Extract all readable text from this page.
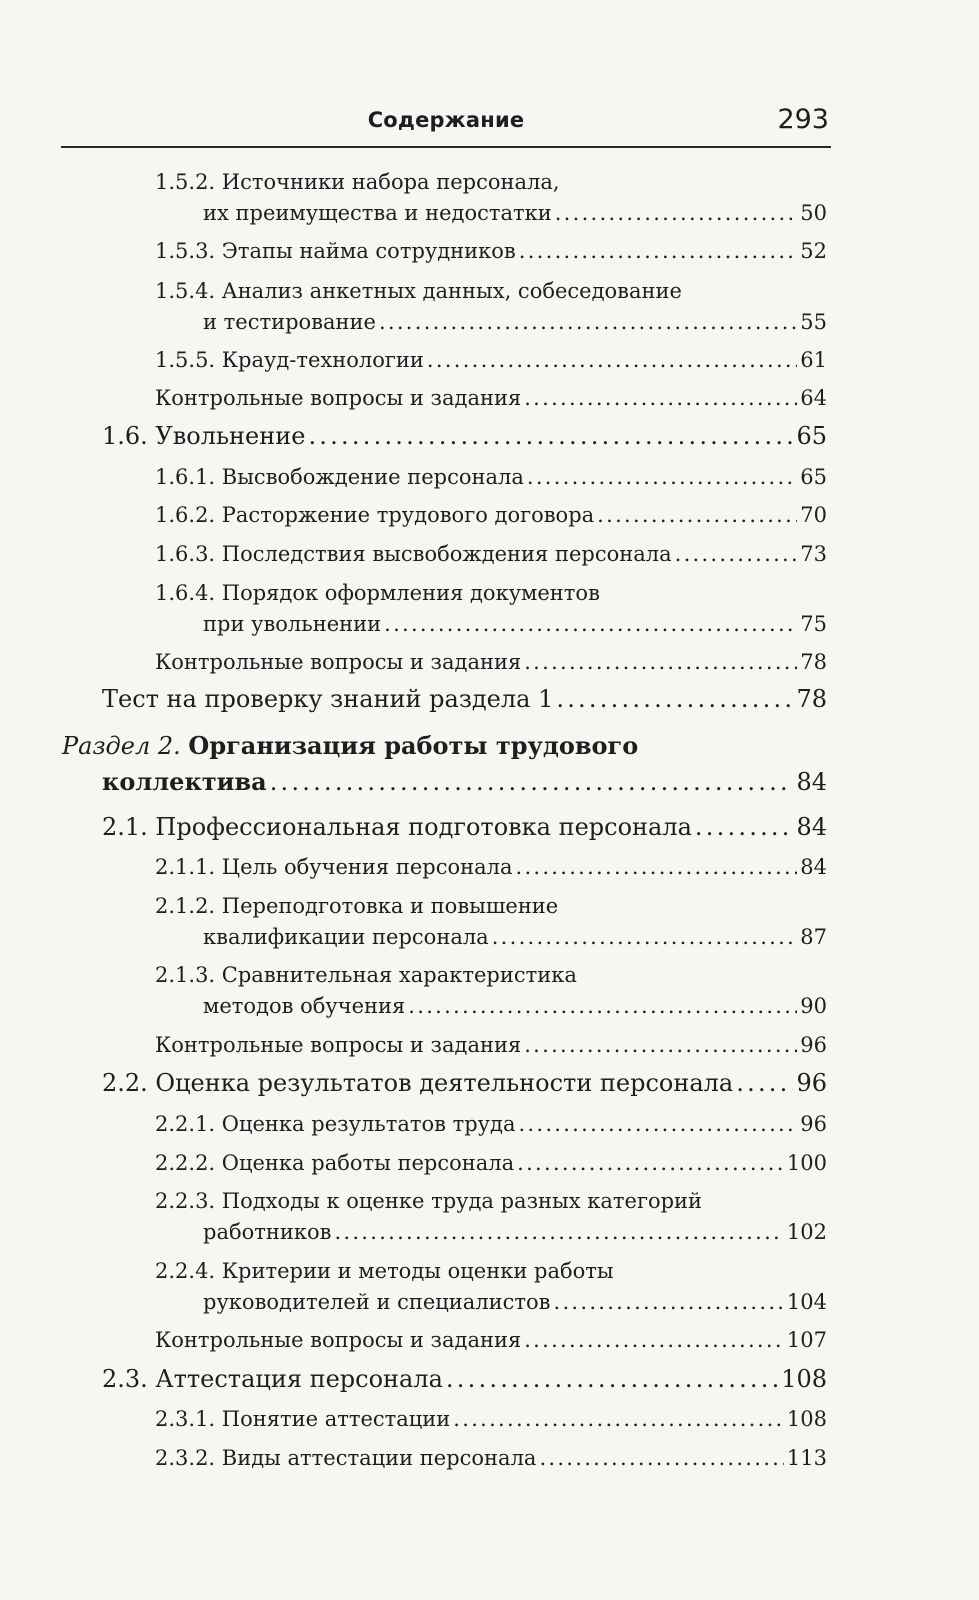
Содержание	293
1.5.2. Источники набора персонала,
их преимущества и недостатки . . .	50
1.5.3. Этапы найма сотрудников . . .	52
1.5.4. Анализ анкетных данных, собеседование
и тестирование . . .	55
1.5.5. Крауд-технологии . . .	61
Контрольные вопросы и задания . . .	64
1.6. Увольнение . . .	65
1.6.1. Высвобождение персонала . . .	65
1.6.2. Расторжение трудового договора . . .	70
1.6.3. Последствия высвобождения персонала . . .	73
1.6.4. Порядок оформления документов
при увольнении . . .	75
Контрольные вопросы и задания . . .	78
Тест на проверку знаний раздела 1 . . .	78
Раздел 2. Организация работы трудового
коллектива . . .	84
2.1. Профессиональная подготовка персонала . . .	84
2.1.1. Цель обучения персонала . . .	84
2.1.2. Переподготовка и повышение
квалификации персонала . . .	87
2.1.3. Сравнительная характеристика
методов обучения . . .	90
Контрольные вопросы и задания . . .	96
2.2. Оценка результатов деятельности персонала . . .	96
2.2.1. Оценка результатов труда . . .	96
2.2.2. Оценка работы персонала . . .	100
2.2.3. Подходы к оценке труда разных категорий
работников . . .	102
2.2.4. Критерии и методы оценки работы
руководителей и специалистов . . .	104
Контрольные вопросы и задания . . .	107
2.3. Аттестация персонала . . .	108
2.3.1. Понятие аттестации . . .	108
2.3.2. Виды аттестации персонала . . .	113
